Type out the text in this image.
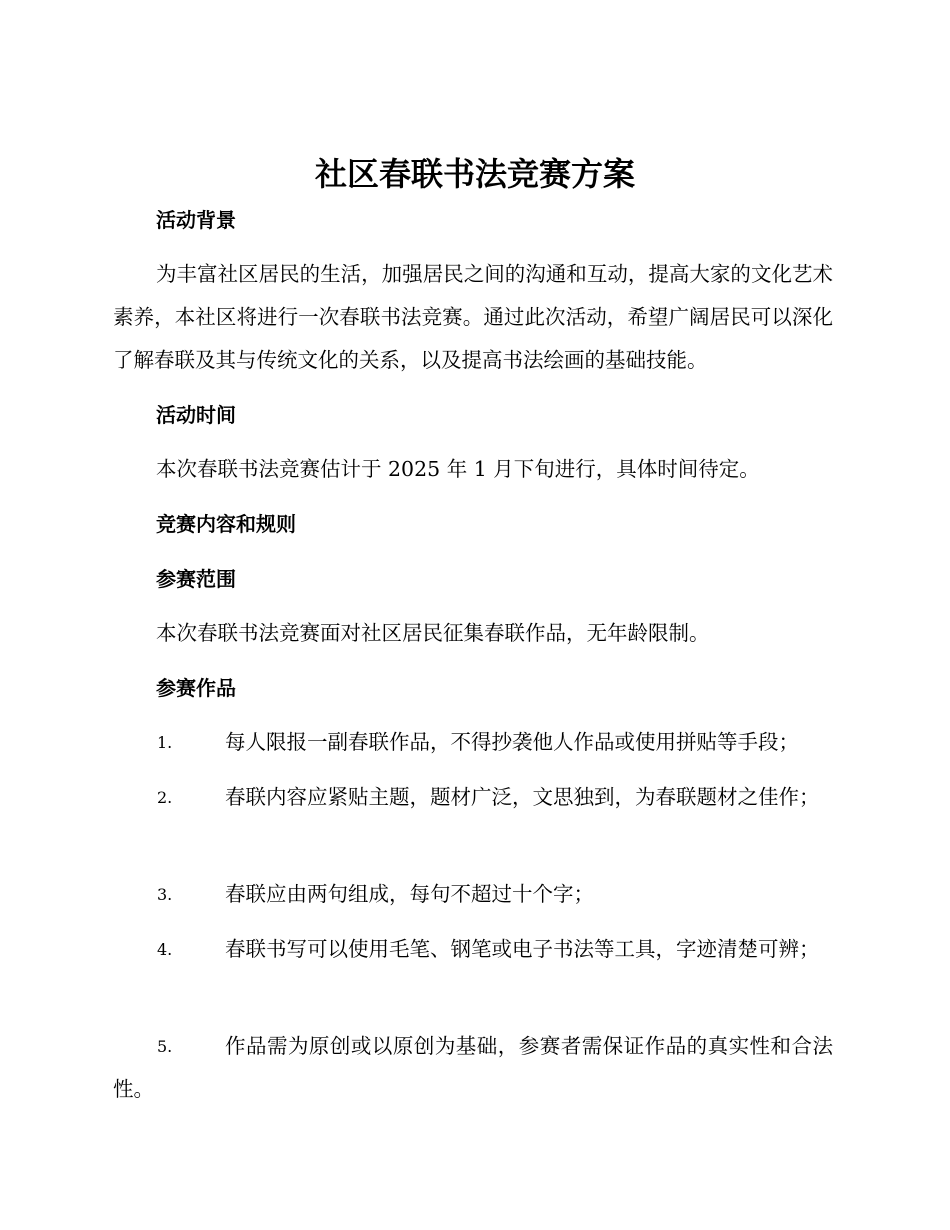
社区春联书法竞赛方案
活动背景

为丰富社区居民的生活，加强居民之间的沟通和互动，提高大家的文化艺术素养，本社区将进行一次春联书法竞赛。通过此次活动，希望广阔居民可以深化了解春联及其与传统文化的关系，以及提高书法绘画的基础技能。

活动时间

本次春联书法竞赛估计于 2025 年 1 月下旬进行，具体时间待定。

竞赛内容和规则
参赛范围

本次春联书法竞赛面对社区居民征集春联作品，无年龄限制。

参赛作品
1.	每人限报一副春联作品，不得抄袭他人作品或使用拼贴等手段；
2.	春联内容应紧贴主题，题材广泛，文思独到，为春联题材之佳作；
3.	春联应由两句组成，每句不超过十个字；
4.	春联书写可以使用毛笔、钢笔或电子书法等工具，字迹清楚可辨；
5.	作品需为原创或以原创为基础，参赛者需保证作品的真实性和合法性。
